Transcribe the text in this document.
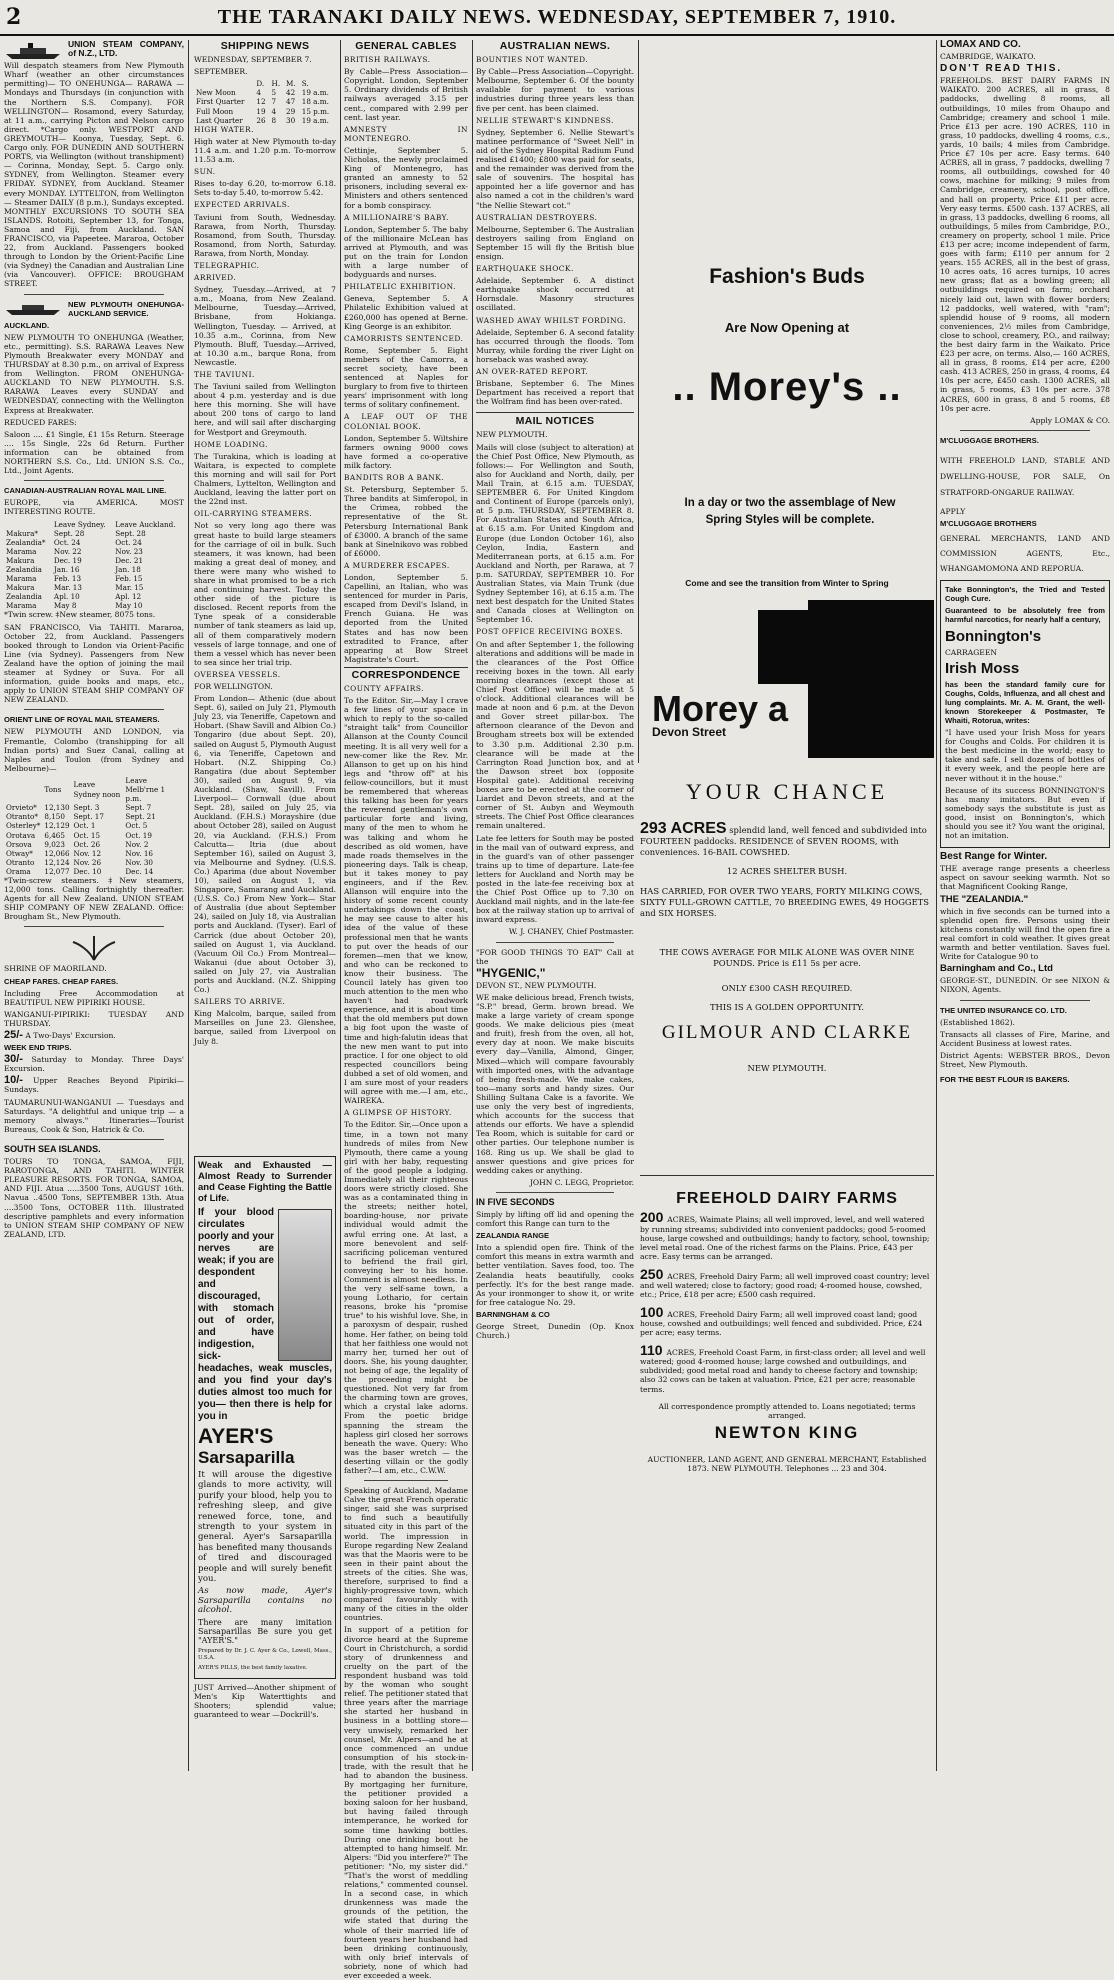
2	THE TARANAKI DAILY NEWS. WEDNESDAY, SEPTEMBER 7, 1910.

UNION STEAM COMPANY, of N.Z., LTD.

Will despatch steamers from New Plymouth Wharf (weather an other circumstances permitting)— TO ONEHUNGA— RARAWA — Mondays and Thursdays (in conjunction with the Northern S.S. Company). FOR WELLINGTON— Rosamond, every Saturday, at 11 a.m., carrying Picton and Nelson cargo direct. *Cargo only. WESTPORT AND GREYMOUTH— Koonya, Tuesday, Sept. 6. Cargo only. FOR DUNEDIN AND SOUTHERN PORTS, via Wellington (without transhipment)— Corinna, Monday, Sept. 5. Cargo only. SYDNEY, from Wellington. Steamer every FRIDAY. SYDNEY, from Auckland. Steamer every MONDAY. LYTTELTON, from Wellington— Steamer DAILY (8 p.m.), Sundays excepted. MONTHLY EXCURSIONS TO SOUTH SEA ISLANDS. Rotoiti, September 13, for Tonga, Samoa and Fiji, from Auckland. SAN FRANCISCO, via Papeetee. Mararoa, October 22, from Auckland. Passengers booked through to London by the Orient-Pacific Line (via Sydney) the Canadian and Australian Line (via Vancouver). OFFICE: BROUGHAM STREET.

NEW PLYMOUTH ONEHUNGA-AUCKLAND SERVICE.

AUCKLAND.

NEW PLYMOUTH TO ONEHUNGA (Weather, etc., permitting). S.S. RARAWA Leaves New Plymouth Breakwater every MONDAY and THURSDAY at 8.30 p.m., on arrival of Express from Wellington. FROM ONEHUNGA-AUCKLAND TO NEW PLYMOUTH. S.S. RARAWA Leaves every SUNDAY and WEDNESDAY, connecting with the Wellington Express at Breakwater.

REDUCED FARES:

Saloon .... £1 Single, £1 15s Return. Steerage .... 15s Single, 22s 6d Return. Further information can be obtained from NORTHERN S.S. Co., Ltd. UNION S.S. Co., Ltd., Joint Agents.

CANADIAN-AUSTRALIAN ROYAL MAIL LINE.

EUROPE, via AMERICA. MOST INTERESTING ROUTE.

	Leave Sydney.	Leave Auckland.
Makura*	Sept. 28	Sept. 28
Zealandia*	Oct. 24	Oct. 24
Marama	Nov. 22	Nov. 23
Makura	Dec. 19	Dec. 21
Zealandia	Jan. 16	Jan. 18
Marama	Feb. 13	Feb. 15
Makura	Mar. 13	Mar. 15
Zealandia	Apl. 10	Apl. 12
Marama	May 8	May 10

*Twin screw. ‡New steamer, 8075 tons.

SAN FRANCISCO, Via TAHITI. Mararoa, October 22, from Auckland. Passengers booked through to London via Orient-Pacific Line (via Sydney). Passengers from New Zealand have the option of joining the mail steamer at Sydney or Suva. For all information, guide books and maps, etc., apply to UNION STEAM SHIP COMPANY OF NEW ZEALAND.

ORIENT LINE OF ROYAL MAIL STEAMERS.

NEW PLYMOUTH AND LONDON, via Fremantle, Colombo (transhipping for all Indian ports) and Suez Canal, calling at Naples and Toulon (from Sydney and Melbourne)—

	Tons	Leave Sydney noon	Leave Melb'rne 1 p.m.
Orvieto*	12,130	Sept. 3	Sept. 7
Otranto*	8,150	Sept. 17	Sept. 21
Osterley*	12,129	Oct. 1	Oct. 5
Orotava	6,465	Oct. 15	Oct. 19
Orsova	9,023	Oct. 26	Nov. 2
Otway*	12,066	Nov. 12	Nov. 16
Otranto	12,124	Nov. 26	Nov. 30
Orama	12,077	Dec. 10	Dec. 14

*Twin-screw steamers. ‡New steamers, 12,000 tons. Calling fortnightly thereafter. Agents for all New Zealand. UNION STEAM SHIP COMPANY OF NEW ZEALAND. Office: Brougham St., New Plymouth.

SHRINE OF MAORILAND.

CHEAP FARES. CHEAP FARES.

Including Free Accommodation at BEAUTIFUL NEW PIPIRIKI HOUSE.

WANGANUI-PIPIRIKI: TUESDAY AND THURSDAY.

25/- A Two-Days' Excursion.

WEEK END TRIPS.

30/- Saturday to Monday. Three Days' Excursion.

10/- Upper Reaches Beyond Pipiriki—Sundays.

TAUMARUNUI-WANGANUI — Tuesdays and Saturdays. "A delightful and unique trip — a memory always." Itineraries—Tourist Bureaus, Cook & Son, Hatrick & Co.

SOUTH SEA ISLANDS.

TOURS TO TONGA, SAMOA, FIJI, RAROTONGA, AND TAHITI. WINTER PLEASURE RESORTS. FOR TONGA, SAMOA, AND FIJI. Atua .....3500 Tons, AUGUST 16th. Navua ..4500 Tons, SEPTEMBER 13th. Atua ....3500 Tons, OCTOBER 11th. Illustrated descriptive pamphlets and every information to UNION STEAM SHIP COMPANY OF NEW ZEALAND, LTD.

SHIPPING NEWS

WEDNESDAY, SEPTEMBER 7.

SEPTEMBER.

	D.	H.	M.	S.
New Moon	4	5	42	19 a.m.
First Quarter	12	7	47	18 a.m.
Full Moon	19	4	29	15 p.m.
Last Quarter	26	8	30	19 a.m.

HIGH WATER.

High water at New Plymouth to-day 11.4 a.m. and 1.20 p.m. To-morrow 11.53 a.m.

SUN.

Rises to-day 6.20, to-morrow 6.18. Sets to-day 5.40, to-morrow 5.42.

EXPECTED ARRIVALS.

Taviuni from South, Wednesday. Rarawa, from North, Thursday. Rosamond, from South, Thursday. Rosamond, from North, Saturday. Rarawa, from North, Monday.

TELEGRAPHIC.

ARRIVED.

Sydney, Tuesday.—Arrived, at 7 a.m., Moana, from New Zealand. Melbourne, Tuesday.—Arrived, Brisbane, from Hokianga. Wellington, Tuesday. — Arrived, at 10.35 a.m., Corinna, from New Plymouth. Bluff, Tuesday.—Arrived, at 10.30 a.m., barque Rona, from Newcastle.

THE TAVIUNI.

The Taviuni sailed from Wellington about 4 p.m. yesterday and is due here this morning. She will have about 200 tons of cargo to land here, and will sail after discharging for Westport and Greymouth.

HOME LOADING.

The Turakina, which is loading at Waitara, is expected to complete this morning and will sail for Port Chalmers, Lyttelton, Wellington and Auckland, leaving the latter port on the 22nd inst.

OIL-CARRYING STEAMERS.

Not so very long ago there was great haste to build large steamers for the carriage of oil in bulk. Such steamers, it was known, had been making a great deal of money, and there were many who wished to share in what promised to be a rich and continuing harvest. Today the other side of the picture is disclosed. Recent reports from the Tyne speak of a considerable number of tank steamers as laid up, all of them comparatively modern vessels of large tonnage, and one of them a vessel which has never been to sea since her trial trip.

OVERSEA VESSELS.

FOR WELLINGTON.

From London— Athenic (due about Sept. 6), sailed on July 21, Plymouth July 23, via Teneriffe, Capetown and Hobart. (Shaw Savill and Albion Co.) Tongariro (due about Sept. 20), sailed on August 5, Plymouth August 6, via Teneriffe, Capetown and Hobart. (N.Z. Shipping Co.) Rangatira (due about September 30), sailed on August 9, via Auckland. (Shaw, Savill). From Liverpool— Cornwall (due about Sept. 28), sailed on July 25, via Auckland. (F.H.S.) Morayshire (due about October 28), sailed on August 20, via Auckland. (F.H.S.) From Calcutta— Itria (due about September 16), sailed on August 3, via Melbourne and Sydney. (U.S.S. Co.) Aparima (due about November 10), sailed on August 1, via Singapore, Samarang and Auckland. (U.S.S. Co.) From New York— Star of Australia (due about September 24), sailed on July 18, via Australian ports and Auckland. (Tyser). Earl of Carrick (due about October 20), sailed on August 1, via Auckland. (Vacuum Oil Co.) From Montreal— Wakanui (due about October 3), sailed on July 27, via Australian ports and Auckland. (N.Z. Shipping Co.)

SAILERS TO ARRIVE.

King Malcolm, barque, sailed from Marseilles on June 23. Glenshee, barque, sailed from Liverpool on July 8.

Weak and Exhausted — Almost Ready to Surrender and Cease Fighting the Battle of Life.

If your blood circulates poorly and your nerves are weak; if you are despondent and discouraged, with stomach out of order, and have indigestion, sick-headaches, weak muscles, and you find your day's duties almost too much for you— then there is help for you in

AYER'S

Sarsaparilla

It will arouse the digestive glands to more activity, will purify your blood, help you to refreshing sleep, and give renewed force, tone, and strength to your system in general. Ayer's Sarsaparilla has benefited many thousands of tired and discouraged people and will surely benefit you.

As now made, Ayer's Sarsaparilla contains no alcohol.

There are many imitation Sarsaparillas Be sure you get "AYER'S."

Prepared by Dr. J. C. Ayer & Co., Lowell, Mass., U.S.A.

AYER'S PILLS, the best family laxative.

JUST Arrived—Another shipment of Men's Kip Waterttights and Shooters; splendid value; guaranteed to wear —Dockrill's.

GENERAL CABLES

BRITISH RAILWAYS.

By Cable—Press Association—Copyright. London, September 5. Ordinary dividends of British railways averaged 3.15 per cent., compared with 2.99 per cent. last year.

AMNESTY IN MONTENEGRO.

Cettinje, September 5. Nicholas, the newly proclaimed King of Montenegro, has granted an amnesty to 52 prisoners, including several ex-Ministers and others sentenced for a bomb conspiracy.

A MILLIONAIRE'S BABY.

London, September 5. The baby of the millionaire McLean has arrived at Plymouth, and was put on the train for London with a large number of bodyguards and nurses.

PHILATELIC EXHIBITION.

Geneva, September 5. A Philatelic Exhibition valued at £260,000 has opened at Berne. King George is an exhibitor.

CAMORRISTS SENTENCED.

Rome, September 5. Eight members of the Camorra, a secret society, have been sentenced at Naples for burglary to from five to thirteen years' imprisonment with long terms of solitary confinement.

A LEAF OUT OF THE COLONIAL BOOK.

London, September 5. Wiltshire farmers owning 9000 cows have formed a co-operative milk factory.

BANDITS ROB A BANK.

St. Petersburg, September 5. Three bandits at Simferopol, in the Crimea, robbed the representative of the St. Petersburg International Bank of £3000. A branch of the same bank at Sinelnikovo was robbed of £6000.

A MURDERER ESCAPES.

London, September 5. Capellini, an Italian, who was sentenced for murder in Paris, escaped from Devil's Island, in French Guiana. He was deported from the United States and has now been extradited to France, after appearing at Bow Street Magistrate's Court.

CORRESPONDENCE

COUNTY AFFAIRS.

To the Editor. Sir,—May I crave a few lines of your space in which to reply to the so-called "straight talk" from Councillor Allanson at the County Council meeting. It is all very well for a new-comer like the Rev. Mr. Allanson to get up on his hind legs and "throw off" at his fellow-councillors, but it must be remembered that whereas this talking has been for years the reverend gentleman's own particular forte and living, many of the men to whom he was talking and whom he described as old women, have made roads themselves in the pioneering days. Talk is cheap, but it takes money to pay engineers, and if the Rev. Allanson will enquire into the history of some recent county undertakings down the coast, he may see cause to alter his idea of the value of these professional men that he wants to put over the heads of our foremen—men that we know, and who can be reckoned to know their business. The Council lately has given too much attention to the men who haven't had roadwork experience, and it is about time that the old members put down a big foot upon the waste of time and high-falutin ideas that the new men want to put into practice. I for one object to old respected councillors being dubbed a set of old women, and I am sure most of your readers will agree with me.—I am, etc., WAIREKA.

A GLIMPSE OF HISTORY.

To the Editor. Sir,—Once upon a time, in a town not many hundreds of miles from New Plymouth, there came a young girl with her baby, requesting of the good people a lodging. Immediately all their righteous doors were strictly closed. She was as a contaminated thing in the streets; neither hotel, boarding-house, nor private individual would admit the awful erring one. At last, a more benevolent and self-sacrificing policeman ventured to befriend the frail girl, conveying her to his home. Comment is almost needless. In the very self-same town, a young Lothario, for certain reasons, broke his "promise true" to his wishful love. She, in a paroxysm of despair, rushed home. Her father, on being told that her faithless one would not marry her, turned her out of doors. She, his young daughter, not being of age, the legality of the proceeding might be questioned. Not very far from the charming town are groves, which a crystal lake adorns. From the poetic bridge spanning the stream the hapless girl closed her sorrows beneath the wave. Query: Who was the baser wretch — the deserting villain or the godly father?—I am, etc., C.W.W.

Speaking of Auckland, Madame Calve the great French operatic singer, said she was surprised to find such a beautifully situated city in this part of the world. The impression in Europe regarding New Zealand was that the Maoris were to be seen in their paint about the streets of the cities. She was, therefore, surprised to find a highly-progressive town, which compared favourably with many of the cities in the older countries.

In support of a petition for divorce heard at the Supreme Court in Christchurch, a sordid story of drunkenness and cruelty on the part of the respondent husband was told by the woman who sought relief. The petitioner stated that three years after the marriage she started her husband in business in a bottling store—very unwisely, remarked her counsel, Mr. Alpers—and he at once commenced an undue consumption of his stock-in-trade, with the result that he had to abandon the business. By mortgaging her furniture, the petitioner provided a boxing saloon for her husband, but having failed through intemperance, he worked for some time hawking bottles. During one drinking bout he attempted to hang himself. Mr. Alpers: "Did you interfere?" The petitioner: "No, my sister did." "That's the worst of meddling relations," commented counsel. In a second case, in which drunkenness was made the grounds of the petition, the wife stated that during the whole of their married life of fourteen years her husband had been drinking continuously, with only brief intervals of sobriety, none of which had ever exceeded a week.

AUSTRALIAN NEWS.

BOUNTIES NOT WANTED.

By Cable—Press Association—Copyright. Melbourne, September 6. Of the bounty available for payment to various industries during three years less than five per cent. has been claimed.

NELLIE STEWART'S KINDNESS.

Sydney, September 6. Nellie Stewart's matinee performance of "Sweet Nell" in aid of the Sydney Hospital Radium Fund realised £1400; £800 was paid for seats, and the remainder was derived from the sale of souvenirs. The hospital has appointed her a life governor and has also named a cot in the children's ward "the Nellie Stewart cot."

AUSTRALIAN DESTROYERS.

Melbourne, September 6. The Australian destroyers sailing from England on September 15 will fly the British blue ensign.

EARTHQUAKE SHOCK.

Adelaide, September 6. A distinct earthquake shock occurred at Hornsdale. Masonry structures oscillated.

WASHED AWAY WHILST FORDING.

Adelaide, September 6. A second fatality has occurred through the floods. Tom Murray, while fording the river Light on horseback was washed away.

AN OVER-RATED REPORT.

Brisbane, September 6. The Mines Department has received a report that the Wolfram find has been over-rated.

MAIL NOTICES

NEW PLYMOUTH.

Mails will close (subject to alteration) at the Chief Post Office, New Plymouth, as follows:— For Wellington and South, also for Auckland and North, daily, per Mail Train, at 6.15 a.m. TUESDAY, SEPTEMBER 6. For United Kingdom and Continent of Europe (parcels only), at 5 p.m. THURSDAY, SEPTEMBER 8. For Australian States and South Africa, at 6.15 a.m. For United Kingdom and Europe (due London October 16), also Ceylon, India, Eastern and Mediterranean ports, at 6.15 a.m. For Auckland and North, per Rarawa, at 7 p.m. SATURDAY, SEPTEMBER 10. For Australian States, via Main Trunk (due Sydney September 16), at 6.15 a.m. The next best despatch for the United States and Canada closes at Wellington on September 16.

POST OFFICE RECEIVING BOXES.

On and after September 1, the following alterations and additions will be made in the clearances of the Post Office receiving boxes in the town. All early morning clearances (except those at Chief Post Office) will be made at 5 o'clock. Additional clearances will be made at noon and 6 p.m. at the Devon and Gover street pillar-box. The afternoon clearance of the Devon and Brougham streets box will be extended to 3.30 p.m. Additional 2.30 p.m. clearance will be made at the Carrington Road Junction box, and at the Dawson street box (opposite Hospital gate). Additional receiving boxes are to be erected at the corner of Liardet and Devon streets, and at the corner of St. Aubyn and Weymouth streets. The Chief Post Office clearances remain unaltered.

Late fee letters for South may be posted in the mail van of outward express, and in the guard's van of other passenger trains up to time of departure. Late-fee letters for Auckland and North may be posted in the late-fee receiving box at the Chief Post Office up to 7.30 on Auckland mail nights, and in the late-fee box at the railway station up to arrival of inward express.

W. J. CHANEY, Chief Postmaster.

"FOR GOOD THINGS TO EAT" Call at the

"HYGENIC,"

DEVON ST., NEW PLYMOUTH.

WE make delicious bread, French twists, "S.P." bread, Germ. brown bread. We make a large variety of cream sponge goods. We make delicious pies (meat and fruit), fresh from the oven, all hot, every day at noon. We make biscuits every day—Vanilla, Almond, Ginger, Mixed—which will compare favourably with imported ones, with the advantage of being fresh-made. We make cakes, too—many sorts and handy sizes. Our Shilling Sultana Cake is a favorite. We use only the very best of ingredients, which accounts for the success that attends our efforts. We have a splendid Tea Room, which is suitable for card or other parties. Our telephone number is 168. Ring us up. We shall be glad to answer questions and give prices for wedding cakes or anything.

JOHN C. LEGG, Proprietor.

IN FIVE SECONDS

Simply by lifting off lid and opening the comfort this Range can turn to the

ZEALANDIA RANGE

Into a splendid open fire. Think of the comfort this means in extra warmth and better ventilation. Saves food, too. The Zealandia heats beautifully, cooks perfectly. It's for the best range made. As your ironmonger to show it, or write for free catalogue No. 29.

BARNINGHAM & CO

George Street, Dunedin (Op. Knox Church.)

Fashion's Buds
Are Now Opening at
.. Morey's ..
In a day or two the assemblage of New Spring Styles will be complete.
Come and see the transition from Winter to Spring
Morey a
Devon Street
YOUR CHANCE

293 ACRES splendid land, well fenced and subdivided into FOURTEEN paddocks. RESIDENCE of SEVEN ROOMS, with conveniences. 16-BAIL COWSHED.

12 ACRES SHELTER BUSH.

HAS CARRIED, FOR OVER TWO YEARS, FORTY MILKING COWS, SIXTY FULL-GROWN CATTLE, 70 BREEDING EWES, 49 HOGGETS and SIX HORSES.

THE COWS AVERAGE FOR MILK ALONE WAS OVER NINE POUNDS. Price is £11 5s per acre.

ONLY £300 CASH REQUIRED.

THIS IS A GOLDEN OPPORTUNITY.

GILMOUR AND CLARKE

NEW PLYMOUTH.

FREEHOLD DAIRY FARMS

200 ACRES, Waimate Plains; all well improved, level, and well watered by running streams; subdivided into convenient paddocks; good 5-roomed house, large cowshed and outbuildings; handy to factory, school, township; level metal road. One of the richest farms on the Plains. Price, £43 per acre. Easy terms can be arranged.

250 ACRES, Freehold Dairy Farm; all well improved coast country; level and well watered; close to factory; good road; 4-roomed house, cowshed, etc.; Price, £18 per acre; £500 cash required.

100 ACRES, Freehold Dairy Farm; all well improved coast land; good house, cowshed and outbuildings; well fenced and subdivided. Price, £24 per acre; easy terms.

110 ACRES, Freehold Coast Farm, in first-class order; all level and well watered; good 4-roomed house; large cowshed and outbuildings, and subdivided; good metal road and handy to cheese factory and township; also 32 cows can be taken at valuation. Price, £21 per acre; reasonable terms.

All correspondence promptly attended to. Loans negotiated; terms arranged.

NEWTON KING

AUCTIONEER, LAND AGENT, AND GENERAL MERCHANT, Established 1873. NEW PLYMOUTH. Telephones ... 23 and 304.

LOMAX AND CO.

CAMBRIDGE, WAIKATO.

DON'T READ THIS.

FREEHOLDS. BEST DAIRY FARMS IN WAIKATO. 200 ACRES, all in grass, 8 paddocks, dwelling 8 rooms, all outbuildings, 10 miles from Ohaupo and Cambridge; creamery and school 1 mile. Price £13 per acre. 190 ACRES, 110 in grass, 10 paddocks, dwelling 4 rooms, c.s., yards, 10 bails; 4 miles from Cambridge. Price £7 10s per acre. Easy terms. 640 ACRES, all in grass, 7 paddocks, dwelling 7 rooms, all outbuildings, cowshed for 40 cows, machine for milking; 9 miles from Cambridge, creamery, school, post office, and hall on property. Price £11 per acre. Very easy terms. £500 cash. 137 ACRES, all in grass, 13 paddocks, dwelling 6 rooms, all outbuildings, 5 miles from Cambridge, P.O., creamery on property, school 1 mile. Price £13 per acre; income independent of farm, goes with farm; £110 per annum for 2 years. 155 ACRES, all in the best of grass, 10 acres oats, 16 acres turnips, 10 acres new grass; flat as a bowling green; all outbuildings required on farm; orchard nicely laid out, lawn with flower borders; 12 paddocks, well watered, with "ram"; splendid house of 9 rooms, all modern conveniences, 2½ miles from Cambridge, close to school, creamery, P.O., and railway; the best dairy farm in the Waikato. Price £23 per acre, on terms. Also,— 160 ACRES, all in grass, 8 rooms, £14 per acre, £200 cash. 413 ACRES, 250 in grass, 4 rooms, £4 10s per acre, £450 cash. 1300 ACRES, all in grass, 5 rooms, £3 10s per acre. 378 ACRES, 600 in grass, 8 and 5 rooms, £8 10s per acre.

Apply LOMAX & CO.

M'CLUGGAGE BROTHERS.

WITH FREEHOLD LAND, STABLE AND DWELLING-HOUSE, FOR SALE, On STRATFORD-ONGARUE RAILWAY.

APPLY

M'CLUGGAGE BROTHERS

GENERAL MERCHANTS, LAND AND COMMISSION AGENTS, Etc., WHANGAMOMONA AND REPORUA.

Take Bonnington's, the Tried and Tested Cough Cure.

Guaranteed to be absolutely free from harmful narcotics, for nearly half a century,

Bonnington's

CARRAGEEN

Irish Moss

has been the standard family cure for Coughs, Colds, Influenza, and all chest and lung complaints. Mr. A. M. Grant, the well-known Storekeeper & Postmaster, Te Whaiti, Rotorua, writes:

"I have used your Irish Moss for years for Coughs and Colds. For children it is the best medicine in the world; easy to take and safe. I sell dozens of bottles of it every week, and the people here are never without it in the house."

Because of its success BONNINGTON'S has many imitators. But even if somebody says the substitute is just as good, insist on Bonnington's, which should you see it? You want the original, not an imitation.

Best Range for Winter.

THE average range presents a cheerless aspect on savour seeking warmth. Not so that Magnificent Cooking Range,

THE "ZEALANDIA."

which in five seconds can be turned into a splendid open fire. Persons using their kitchens constantly will find the open fire a real comfort in cold weather. It gives great warmth and better ventilation. Saves fuel. Write for Catalogue 90 to

Barningham and Co., Ltd

GEORGE-ST., DUNEDIN. Or see NIXON & NIXON, Agents.

THE UNITED INSURANCE CO. LTD.

(Established 1862).

Transacts all classes of Fire, Marine, and Accident Business at lowest rates.

District Agents: WEBSTER BROS., Devon Street, New Plymouth.

FOR THE BEST FLOUR IS BAKERS.
